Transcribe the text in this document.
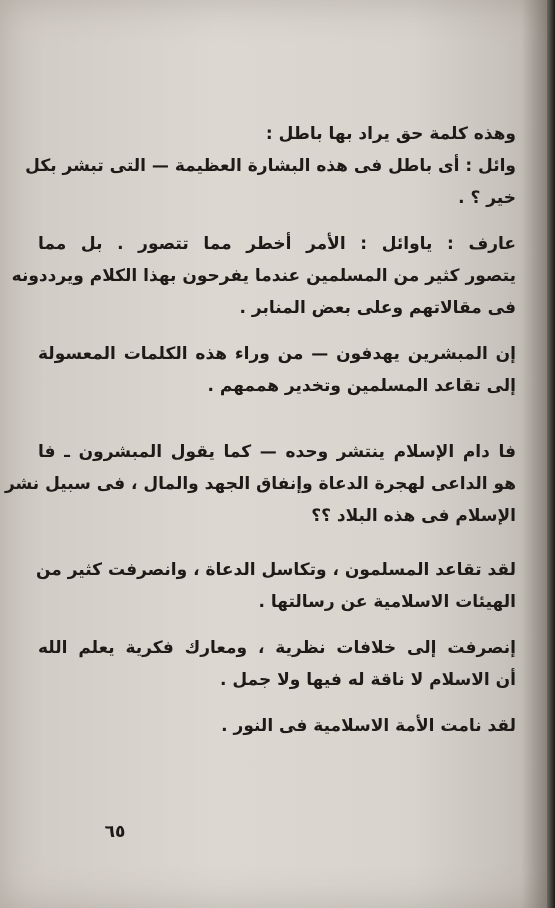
وهذه كلمة حق يراد بها باطل :
وائل : أى باطل فى هذه البشارة العظيمة — التى تبشر بكل
خير ؟ .
عارف : ياوائل : الأمر أخطر مما تتصور . بل مما
يتصور كثير من المسلمين عندما يفرحون بهذا الكلام ويرددونه
فى مقالاتهم وعلى بعض المنابر .
إن المبشرين يهدفون — من وراء هذه الكلمات المعسولة
إلى تقاعد المسلمين وتخدير هممهم .
فا دام الإسلام ينتشر وحده — كما يقول المبشرون ـ فا
هو الداعى لهجرة الدعاة وإنفاق الجهد والمال ، فى سبيل نشر
الإسلام فى هذه البلاد ؟؟
لقد تقاعد المسلمون ، وتكاسل الدعاة ، وانصرفت كثير من
الهيئات الاسلامية عن رسالتها .
إنصرفت إلى خلافات نظرية ، ومعارك فكرية يعلم الله
أن الاسلام لا ناقة له فيها ولا جمل .
لقد نامت الأمة الاسلامية فى النور .
٦٥
